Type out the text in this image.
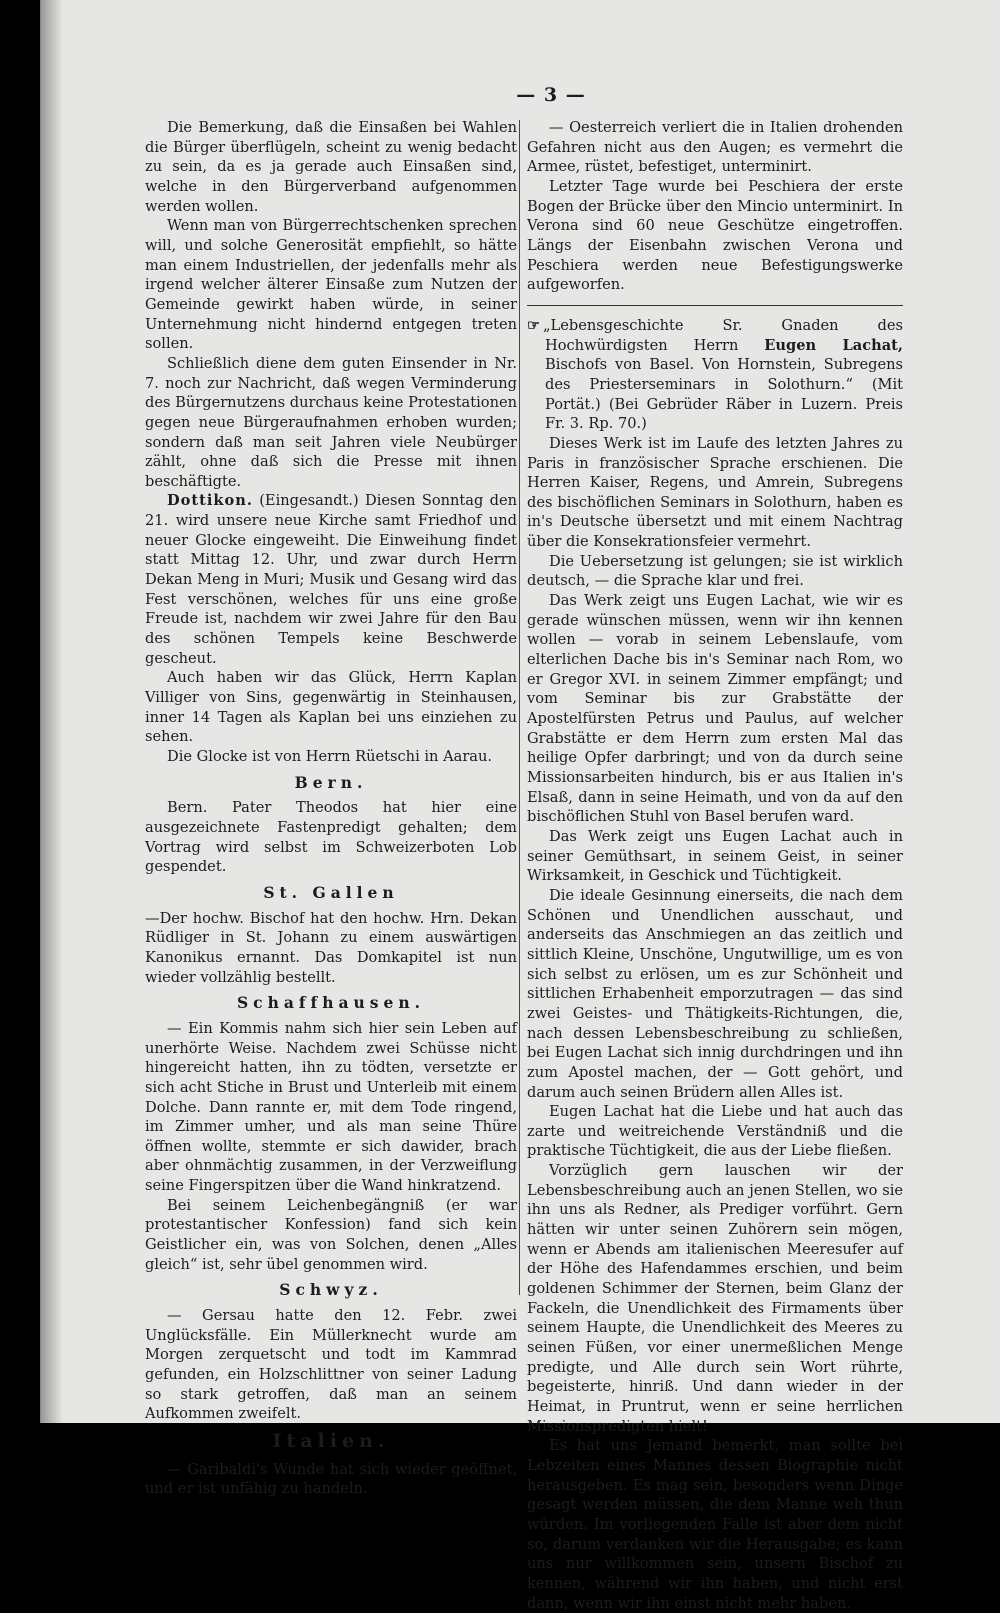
— 3 —

Die Bemerkung, daß die Einsaßen bei Wahlen die Bürger überflügeln, scheint zu wenig bedacht zu sein, da es ja gerade auch Einsaßen sind, welche in den Bürgerverband aufgenommen werden wollen.

Wenn man von Bürgerrechtschenken sprechen will, und solche Generosität empfiehlt, so hätte man einem Industriellen, der jedenfalls mehr als irgend welcher älterer Einsaße zum Nutzen der Gemeinde gewirkt haben würde, in seiner Unternehmung nicht hindernd entgegen treten sollen.

Schließlich diene dem guten Einsender in Nr. 7. noch zur Nachricht, daß wegen Verminderung des Bürgernutzens durchaus keine Protestationen gegen neue Bürgeraufnahmen erhoben wurden; sondern daß man seit Jahren viele Neubürger zählt, ohne daß sich die Presse mit ihnen beschäftigte.

Dottikon. (Eingesandt.) Diesen Sonntag den 21. wird unsere neue Kirche samt Friedhof und neuer Glocke eingeweiht. Die Einweihung findet statt Mittag 12. Uhr, und zwar durch Herrn Dekan Meng in Muri; Musik und Gesang wird das Fest verschönen, welches für uns eine große Freude ist, nachdem wir zwei Jahre für den Bau des schönen Tempels keine Beschwerde gescheut.

Auch haben wir das Glück, Herrn Kaplan Villiger von Sins, gegenwärtig in Steinhausen, inner 14 Tagen als Kaplan bei uns einziehen zu sehen.

Die Glocke ist von Herrn Rüetschi in Aarau.

Bern.

Bern. Pater Theodos hat hier eine ausgezeichnete Fastenpredigt gehalten; dem Vortrag wird selbst im Schweizerboten Lob gespendet.

St. Gallen

—Der hochw. Bischof hat den hochw. Hrn. Dekan Rüdliger in St. Johann zu einem auswärtigen Kanonikus ernannt. Das Domkapitel ist nun wieder vollzählig bestellt.

Schaffhausen.

— Ein Kommis nahm sich hier sein Leben auf unerhörte Weise. Nachdem zwei Schüsse nicht hingereicht hatten, ihn zu tödten, versetzte er sich acht Stiche in Brust und Unterleib mit einem Dolche. Dann rannte er, mit dem Tode ringend, im Zimmer umher, und als man seine Thüre öffnen wollte, stemmte er sich dawider, brach aber ohnmächtig zusammen, in der Verzweiflung seine Fingerspitzen über die Wand hinkratzend.

Bei seinem Leichenbegängniß (er war protestantischer Konfession) fand sich kein Geistlicher ein, was von Solchen, denen „Alles gleich“ ist, sehr übel genommen wird.

Schwyz.

— Gersau hatte den 12. Febr. zwei Unglücksfälle. Ein Müllerknecht wurde am Morgen zerquetscht und todt im Kammrad gefunden, ein Holzschlittner von seiner Ladung so stark getroffen, daß man an seinem Aufkommen zweifelt.

Italien.

— Garibaldi's Wunde hat sich wieder geöffnet, und er ist unfähig zu handeln.

— Oesterreich verliert die in Italien drohenden Gefahren nicht aus den Augen; es vermehrt die Armee, rüstet, befestiget, unterminirt.

Letzter Tage wurde bei Peschiera der erste Bogen der Brücke über den Mincio unterminirt. In Verona sind 60 neue Geschütze eingetroffen. Längs der Eisenbahn zwischen Verona und Peschiera werden neue Befestigungswerke aufgeworfen.

☞ „Lebensgeschichte Sr. Gnaden des Hochwürdigsten Herrn Eugen Lachat, Bischofs von Basel. Von Hornstein, Subregens des Priesterseminars in Solothurn.“ (Mit Portät.) (Bei Gebrüder Räber in Luzern. Preis Fr. 3. Rp. 70.)

Dieses Werk ist im Laufe des letzten Jahres zu Paris in französischer Sprache erschienen. Die Herren Kaiser, Regens, und Amrein, Subregens des bischöflichen Seminars in Solothurn, haben es in's Deutsche übersetzt und mit einem Nachtrag über die Konsekrationsfeier vermehrt.

Die Uebersetzung ist gelungen; sie ist wirklich deutsch, — die Sprache klar und frei.

Das Werk zeigt uns Eugen Lachat, wie wir es gerade wünschen müssen, wenn wir ihn kennen wollen — vorab in seinem Lebenslaufe, vom elterlichen Dache bis in's Seminar nach Rom, wo er Gregor XVI. in seinem Zimmer empfängt; und vom Seminar bis zur Grabstätte der Apostelfürsten Petrus und Paulus, auf welcher Grabstätte er dem Herrn zum ersten Mal das heilige Opfer darbringt; und von da durch seine Missionsarbeiten hindurch, bis er aus Italien in's Elsaß, dann in seine Heimath, und von da auf den bischöflichen Stuhl von Basel berufen ward.

Das Werk zeigt uns Eugen Lachat auch in seiner Gemüthsart, in seinem Geist, in seiner Wirksamkeit, in Geschick und Tüchtigkeit.

Die ideale Gesinnung einerseits, die nach dem Schönen und Unendlichen ausschaut, und anderseits das Anschmiegen an das zeitlich und sittlich Kleine, Unschöne, Ungutwillige, um es von sich selbst zu erlösen, um es zur Schönheit und sittlichen Erhabenheit emporzutragen — das sind zwei Geistes- und Thätigkeits-Richtungen, die, nach dessen Lebensbeschreibung zu schließen, bei Eugen Lachat sich innig durchdringen und ihn zum Apostel machen, der — Gott gehört, und darum auch seinen Brüdern allen Alles ist.

Eugen Lachat hat die Liebe und hat auch das zarte und weitreichende Verständniß und die praktische Tüchtigkeit, die aus der Liebe fließen.

Vorzüglich gern lauschen wir der Lebensbeschreibung auch an jenen Stellen, wo sie ihn uns als Redner, als Prediger vorführt. Gern hätten wir unter seinen Zuhörern sein mögen, wenn er Abends am italienischen Meeresufer auf der Höhe des Hafendammes erschien, und beim goldenen Schimmer der Sternen, beim Glanz der Fackeln, die Unendlichkeit des Firmaments über seinem Haupte, die Unendlichkeit des Meeres zu seinen Füßen, vor einer unermeßlichen Menge predigte, und Alle durch sein Wort rührte, begeisterte, hinriß. Und dann wieder in der Heimat, in Pruntrut, wenn er seine herrlichen Missionspredigten hielt!

Es hat uns Jemand bemerkt, man sollte bei Lebzeiten eines Mannes dessen Biographie nicht herausgeben. Es mag sein, besonders wenn Dinge gesagt werden müssen, die dem Manne weh thun würden. Im vorliegenden Falle ist aber dem nicht so, darum verdanken wir die Herausgabe; es kann uns nur willkommen sein, unsern Bischof zu kennen, während wir ihn haben, und nicht erst dann, wenn wir ihn einst nicht mehr haben.
